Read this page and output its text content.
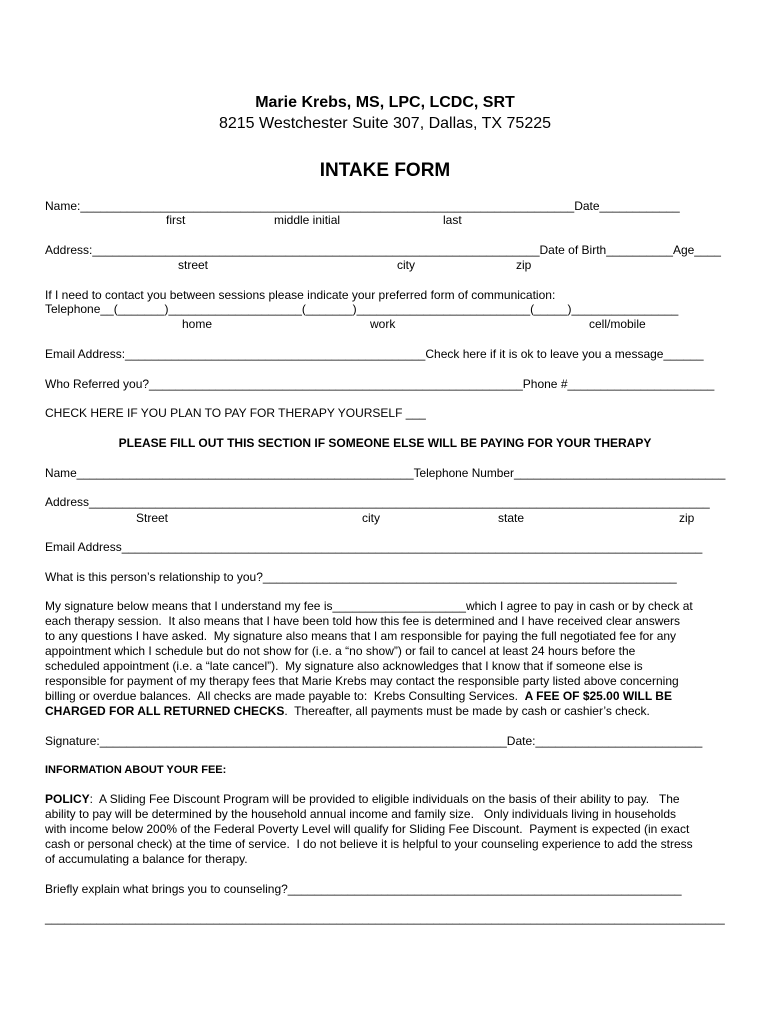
Marie Krebs, MS, LPC, LCDC, SRT
8215 Westchester Suite 307, Dallas, TX 75225
INTAKE FORM
Name:__________________________________________________________________________Date____________
first	middle initial	last
Address:___________________________________________________________________Date of Birth__________Age____
street	city	zip
If I need to contact you between sessions please indicate your preferred form of communication:
Telephone__(_______)____________________(_______)__________________________(_____)________________
home	work	cell/mobile
Email Address:_____________________________________________Check here if it is ok to leave you a message______
Who Referred you?________________________________________________________Phone #______________________
CHECK HERE IF YOU PLAN TO PAY FOR THERAPY YOURSELF ___
PLEASE FILL OUT THIS SECTION IF SOMEONE ELSE WILL BE PAYING FOR YOUR THERAPY
Name___________________________________________________Telephone Number________________________________
Address_____________________________________________________________________________________________
Street	city	state	zip
Email Address_______________________________________________________________________________________
What is this person’s relationship to you?______________________________________________________________

My signature below means that I understand my fee is____________________which I agree to pay in cash or by check at

each therapy session.  It also means that I have been told how this fee is determined and I have received clear answers

to any questions I have asked.  My signature also means that I am responsible for paying the full negotiated fee for any

appointment which I schedule but do not show for (i.e. a “no show”) or fail to cancel at least 24 hours before the

scheduled appointment (i.e. a “late cancel”).  My signature also acknowledges that I know that if someone else is

responsible for payment of my therapy fees that Marie Krebs may contact the responsible party listed above concerning

billing or overdue balances.  All checks are made payable to:  Krebs Consulting Services.  A FEE OF $25.00 WILL BE

CHARGED FOR ALL RETURNED CHECKS.  Thereafter, all payments must be made by cash or cashier’s check.

Signature:_____________________________________________________________Date:_________________________
INFORMATION ABOUT YOUR FEE:

POLICY:  A Sliding Fee Discount Program will be provided to eligible individuals on the basis of their ability to pay.   The

ability to pay will be determined by the household annual income and family size.   Only individuals living in households

with income below 200% of the Federal Poverty Level will qualify for Sliding Fee Discount.  Payment is expected (in exact

cash or personal check) at the time of service.  I do not believe it is helpful to your counseling experience to add the stress

of accumulating a balance for therapy.

Briefly explain what brings you to counseling?___________________________________________________________
_________________________________________________________________________________________________________
